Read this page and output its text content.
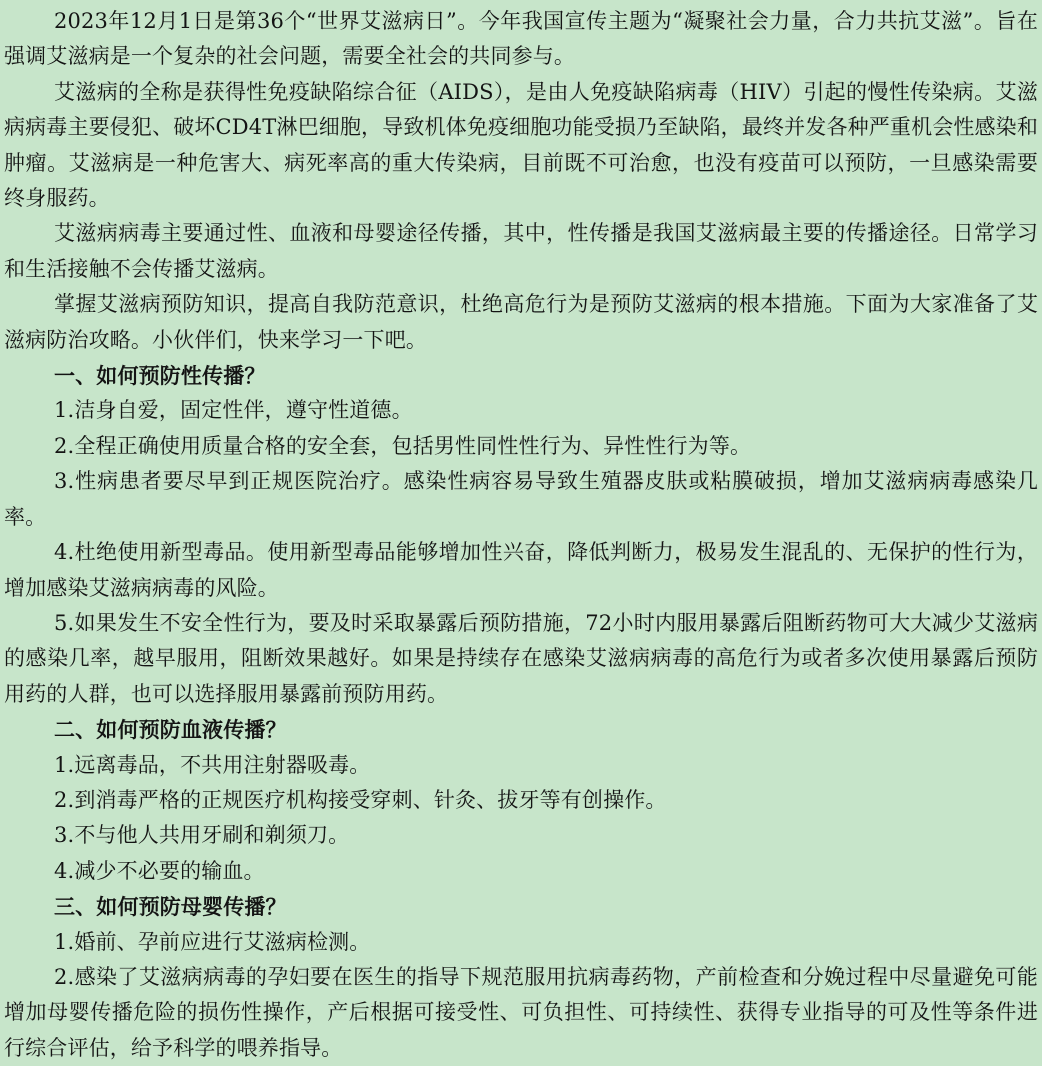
2023年12月1日是第36个“世界艾滋病日”。今年我国宣传主题为“凝聚社会力量，合力共抗艾滋”。旨在强调艾滋病是一个复杂的社会问题，需要全社会的共同参与。

艾滋病的全称是获得性免疫缺陷综合征（AIDS），是由人免疫缺陷病毒（HIV）引起的慢性传染病。艾滋病病毒主要侵犯、破坏CD4T淋巴细胞，导致机体免疫细胞功能受损乃至缺陷，最终并发各种严重机会性感染和肿瘤。艾滋病是一种危害大、病死率高的重大传染病，目前既不可治愈，也没有疫苗可以预防，一旦感染需要终身服药。

艾滋病病毒主要通过性、血液和母婴途径传播，其中，性传播是我国艾滋病最主要的传播途径。日常学习和生活接触不会传播艾滋病。

掌握艾滋病预防知识，提高自我防范意识，杜绝高危行为是预防艾滋病的根本措施。下面为大家准备了艾滋病防治攻略。小伙伴们，快来学习一下吧。

一、如何预防性传播？

1.洁身自爱，固定性伴，遵守性道德。

2.全程正确使用质量合格的安全套，包括男性同性性行为、异性性行为等。

3.性病患者要尽早到正规医院治疗。感染性病容易导致生殖器皮肤或粘膜破损，增加艾滋病病毒感染几率。

4.杜绝使用新型毒品。使用新型毒品能够增加性兴奋，降低判断力，极易发生混乱的、无保护的性行为，增加感染艾滋病病毒的风险。

5.如果发生不安全性行为，要及时采取暴露后预防措施，72小时内服用暴露后阻断药物可大大减少艾滋病的感染几率，越早服用，阻断效果越好。如果是持续存在感染艾滋病病毒的高危行为或者多次使用暴露后预防用药的人群，也可以选择服用暴露前预防用药。

二、如何预防血液传播？

1.远离毒品，不共用注射器吸毒。

2.到消毒严格的正规医疗机构接受穿刺、针灸、拔牙等有创操作。

3.不与他人共用牙刷和剃须刀。

4.减少不必要的输血。

三、如何预防母婴传播？

1.婚前、孕前应进行艾滋病检测。

2.感染了艾滋病病毒的孕妇要在医生的指导下规范服用抗病毒药物，产前检查和分娩过程中尽量避免可能增加母婴传播危险的损伤性操作，产后根据可接受性、可负担性、可持续性、获得专业指导的可及性等条件进行综合评估，给予科学的喂养指导。
